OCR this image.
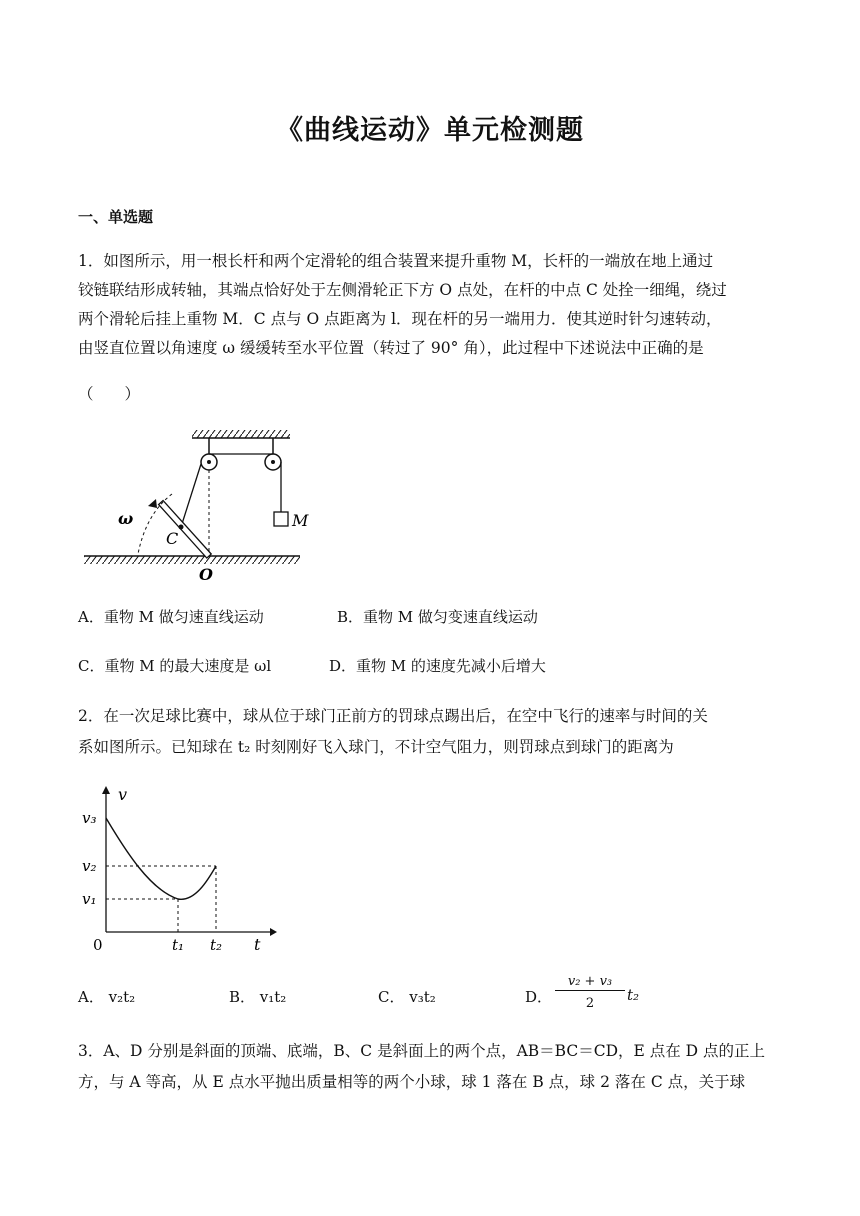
《曲线运动》单元检测题
一、单选题
1．如图所示，用一根长杆和两个定滑轮的组合装置来提升重物 M，长杆的一端放在地上通过
铰链联结形成转轴，其端点恰好处于左侧滑轮正下方 O 点处，在杆的中点 C 处拴一细绳，绕过
两个滑轮后挂上重物 M．C 点与 O 点距离为 l．现在杆的另一端用力．使其逆时针匀速转动，
由竖直位置以角速度 ω 缓缓转至水平位置（转过了 90° 角），此过程中下述说法中正确的是
（　　）
ω
C
O
M
A．重物 M 做匀速直线运动	B．重物 M 做匀变速直线运动
C．重物 M 的最大速度是 ωl	D．重物 M 的速度先减小后增大
2．在一次足球比赛中，球从位于球门正前方的罚球点踢出后，在空中飞行的速率与时间的关
系如图所示。已知球在 t₂ 时刻刚好飞入球门，不计空气阻力，则罚球点到球门的距离为
v
v₃
v₂
v₁
0	t₁ t₂ t
A． v₂t₂	B． v₁t₂	C． v₃t₂	D．
v₂ + v₃
2	t₂
3．A、D 分别是斜面的顶端、底端，B、C 是斜面上的两个点，AB＝BC＝CD，E 点在 D 点的正上
方，与 A 等高，从 E 点水平抛出质量相等的两个小球，球 1 落在 B 点，球 2 落在 C 点，关于球
